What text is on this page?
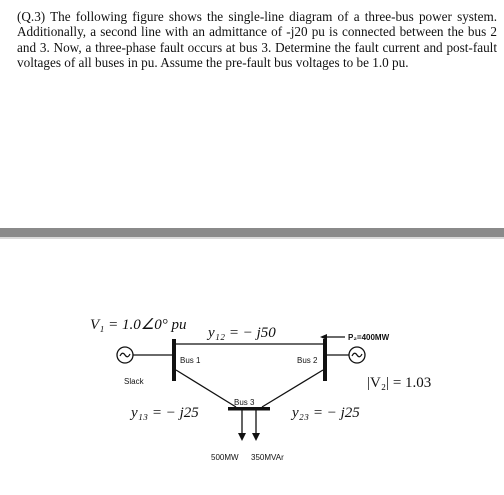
(Q.3) The following figure shows the single-line diagram of a three-bus power system. Additionally, a second line with an admittance of -j20 pu is connected between the bus 2 and 3. Now, a three-phase fault occurs at bus 3. Determine the fault current and post-fault voltages of all buses in pu. Assume the pre-fault bus voltages to be 1.0 pu.

V₁ = 1.0∠0° pu y₁₂ = − j50
y₁₃ = − j25	y₂₃ = − j25
|V₂| = 1.03
P₂=400MW
Bus 1	Bus 2
Bus 3
Slack
500MW 350MVAr
